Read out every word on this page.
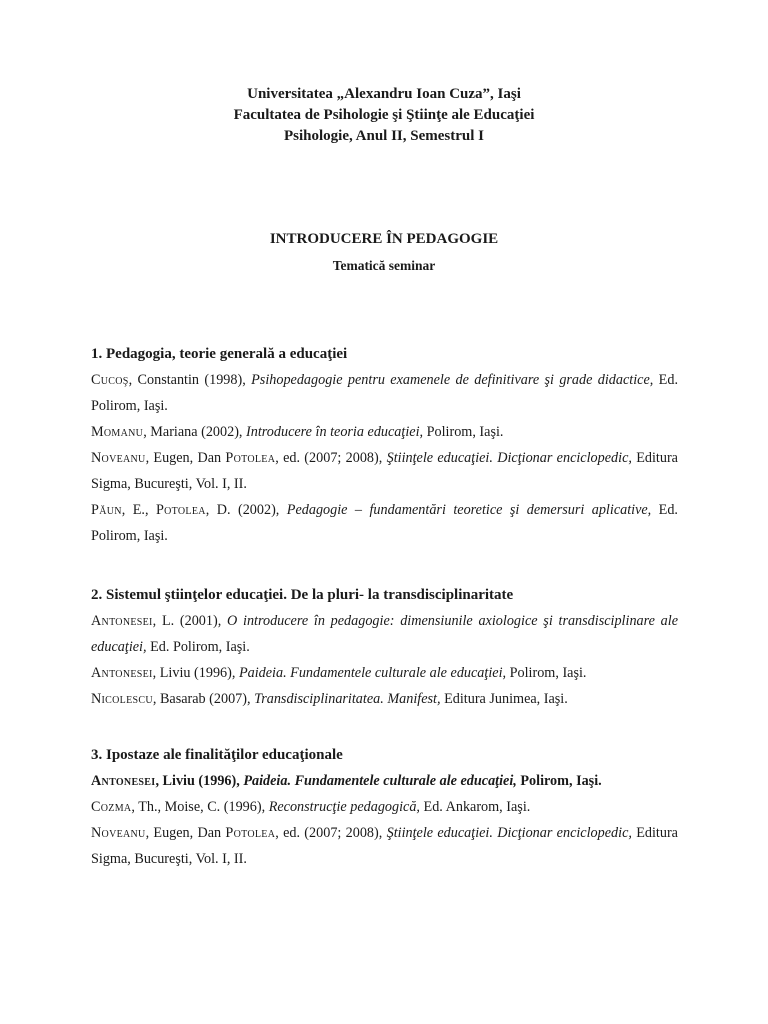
Universitatea „Alexandru Ioan Cuza”, Iaşi
Facultatea de Psihologie şi Ştiinţe ale Educaţiei
Psihologie, Anul II, Semestrul I
INTRODUCERE ÎN PEDAGOGIE
Tematică seminar

1. Pedagogia, teorie generală a educaţiei

Cucoş, Constantin (1998), Psihopedagogie pentru examenele de definitivare şi grade didactice, Ed. Polirom, Iaşi.

Momanu, Mariana (2002), Introducere în teoria educaţiei, Polirom, Iaşi.

Noveanu, Eugen, Dan Potolea, ed. (2007; 2008), Ştiinţele educaţiei. Dicţionar enciclopedic, Editura Sigma, Bucureşti, Vol. I, II.

Păun, E., Potolea, D. (2002), Pedagogie – fundamentări teoretice şi demersuri aplicative, Ed. Polirom, Iaşi.

2. Sistemul ştiinţelor educaţiei. De la pluri- la transdisciplinaritate

Antonesei, L. (2001), O introducere în pedagogie: dimensiunile axiologice şi transdisciplinare ale educaţiei, Ed. Polirom, Iaşi.

Antonesei, Liviu (1996), Paideia. Fundamentele culturale ale educaţiei, Polirom, Iaşi.

Nicolescu, Basarab (2007), Transdisciplinaritatea. Manifest, Editura Junimea, Iaşi.

3. Ipostaze ale finalităţilor educaţionale

Antonesei, Liviu (1996), Paideia. Fundamentele culturale ale educaţiei, Polirom, Iaşi.

Cozma, Th., Moise, C. (1996), Reconstrucţie pedagogică, Ed. Ankarom, Iaşi.

Noveanu, Eugen, Dan Potolea, ed. (2007; 2008), Ştiinţele educaţiei. Dicţionar enciclopedic, Editura Sigma, Bucureşti, Vol. I, II.
